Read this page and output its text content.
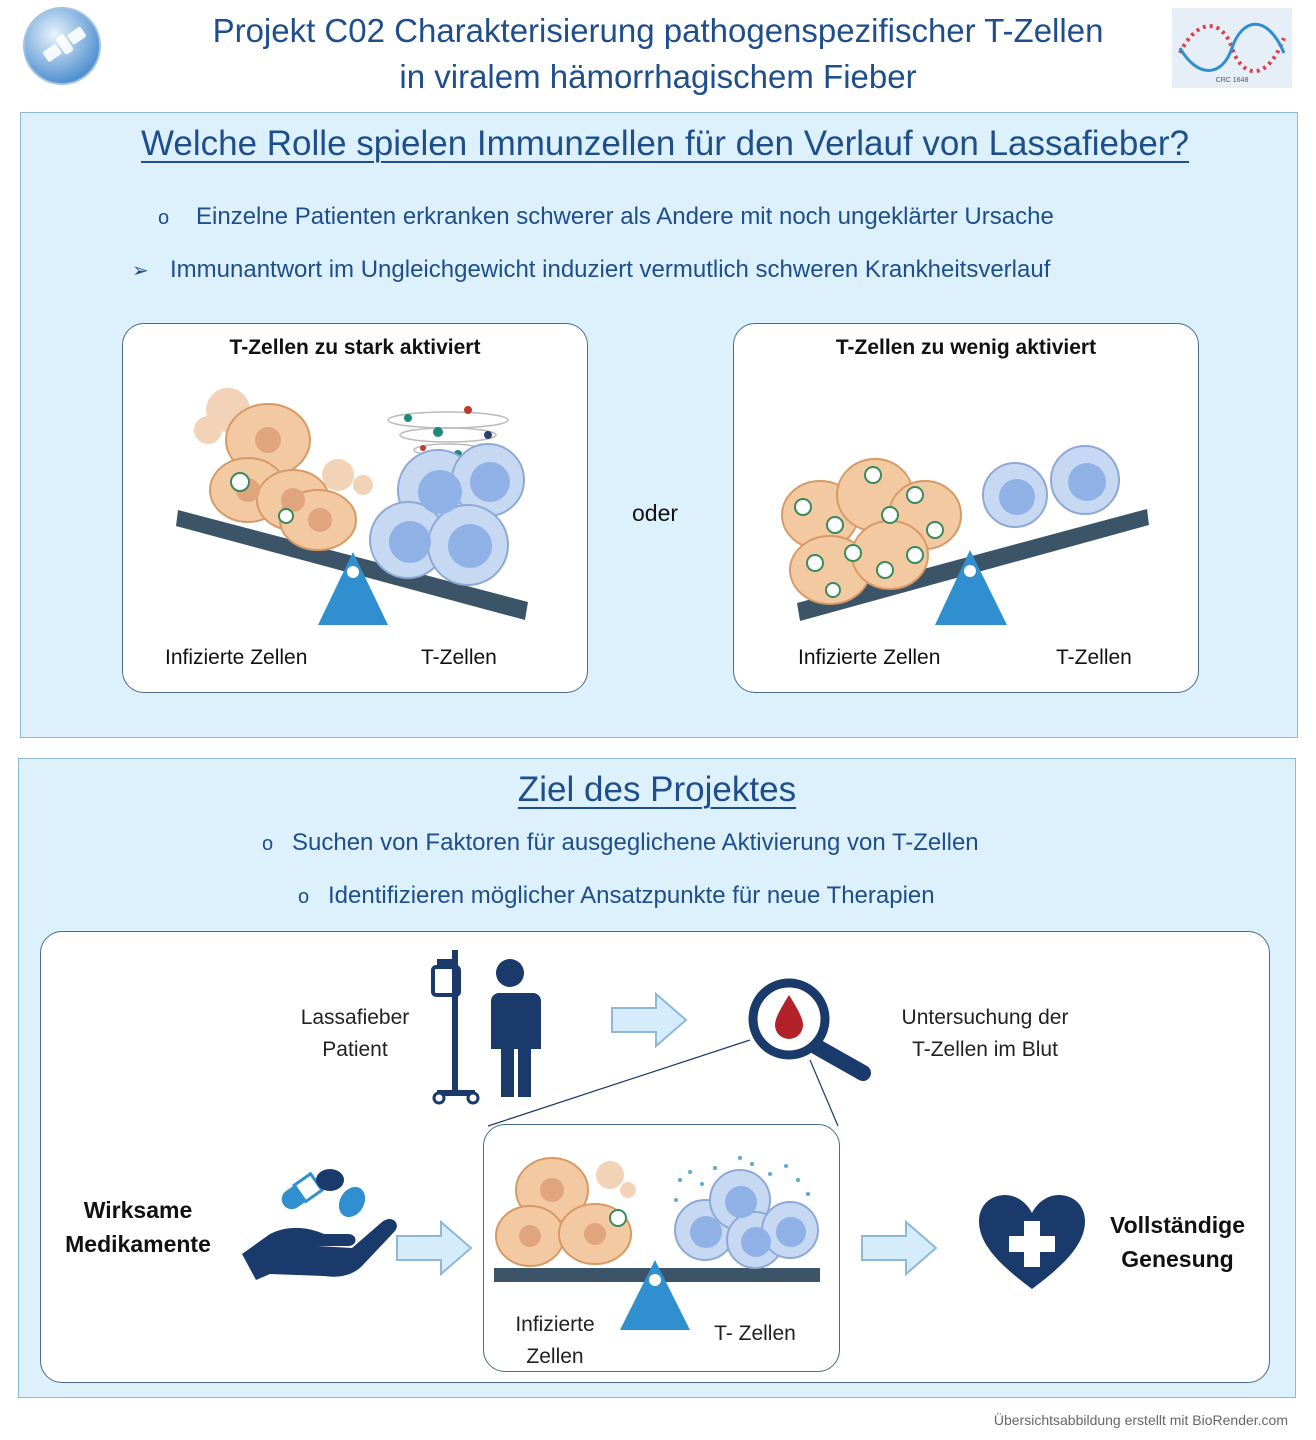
Projekt C02 Charakterisierung pathogenspezifischer T-Zellen
in viralem hämorrhagischem Fieber	CRC 1648
Welche Rolle spielen Immunzellen für den Verlauf von Lassafieber?
o Einzelne Patienten erkranken schwerer als Andere mit noch ungeklärter Ursache
➢ Immunantwort im Ungleichgewicht induziert vermutlich schweren Krankheitsverlauf
T-Zellen zu stark aktiviert
Infizierte Zellen	T-Zellen
oder
T-Zellen zu wenig aktiviert
Infizierte Zellen	T-Zellen
Ziel des Projektes
o Suchen von Faktoren für ausgeglichene Aktivierung von T-Zellen
o Identifizieren möglicher Ansatzpunkte für neue Therapien
Lassafieber
Patient
Untersuchung der
T-Zellen im Blut
Infizierte
Zellen
T- Zellen
Wirksame
Medikamente
Vollständige
Genesung
Übersichtsabbildung erstellt mit BioRender.com
